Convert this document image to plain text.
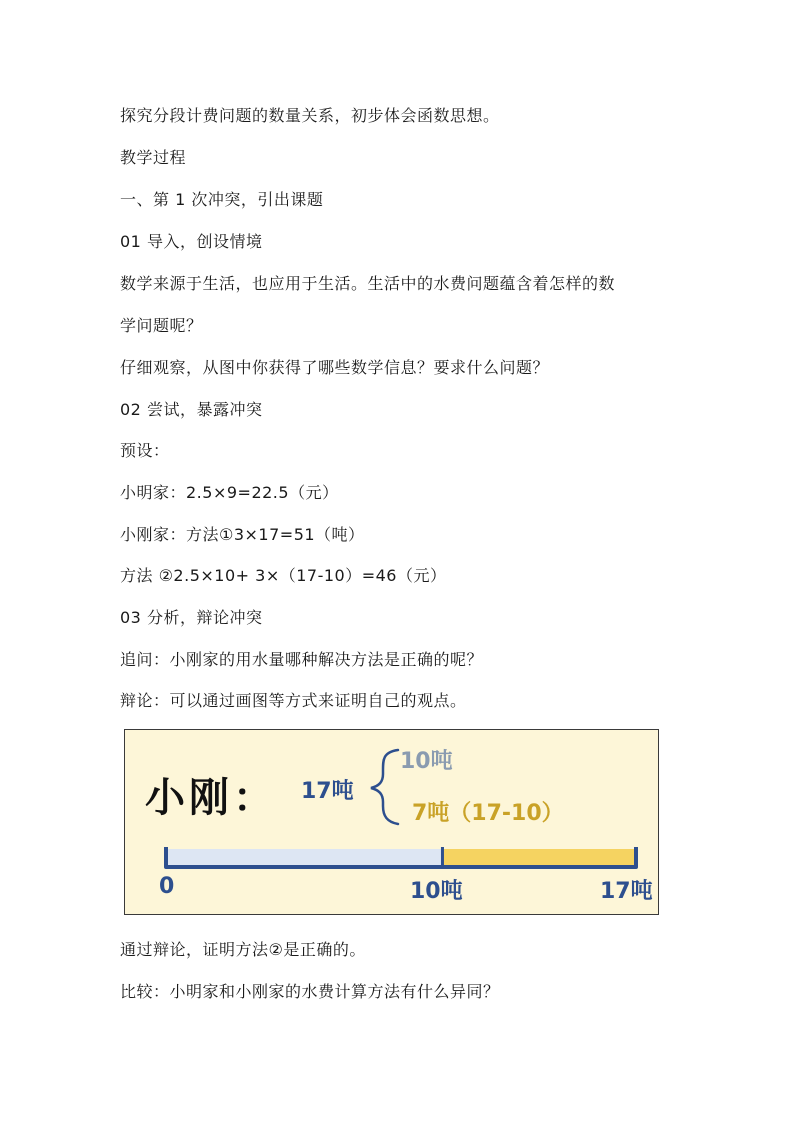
探究分段计费问题的数量关系，初步体会函数思想。
教学过程
一、第 1 次冲突，引出课题
01 导入，创设情境
数学来源于生活，也应用于生活。生活中的水费问题蕴含着怎样的数
学问题呢？
仔细观察，从图中你获得了哪些数学信息？要求什么问题？
02 尝试，暴露冲突
预设：
小明家：2.5×9=22.5（元）
小刚家：方法①3×17=51（吨）
方法 ②2.5×10+ 3×（17-10）=46（元）
03 分析，辩论冲突
追问：小刚家的用水量哪种解决方法是正确的呢？
辩论：可以通过画图等方式来证明自己的观点。
小刚： 17吨
10吨
7吨（17-10）
0	10吨	17吨
通过辩论，证明方法②是正确的。
比较：小明家和小刚家的水费计算方法有什么异同？
